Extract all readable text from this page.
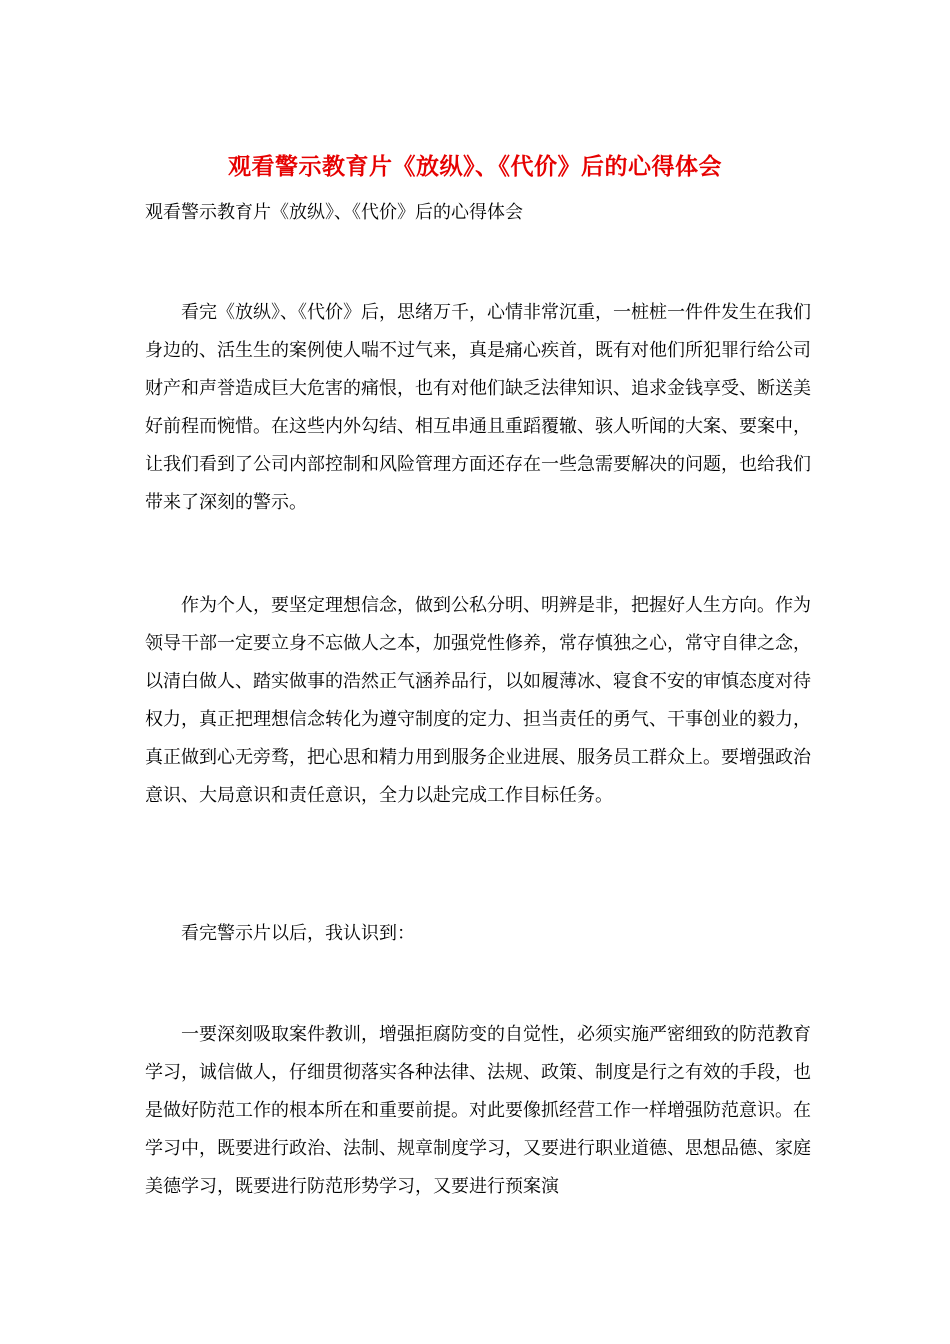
观看警示教育片《放纵》、《代价》后的心得体会
观看警示教育片《放纵》、《代价》后的心得体会

看完《放纵》、《代价》后，思绪万千，心情非常沉重，一桩桩一件件发生在我们身边的、活生生的案例使人喘不过气来，真是痛心疾首，既有对他们所犯罪行给公司财产和声誉造成巨大危害的痛恨，也有对他们缺乏法律知识、追求金钱享受、断送美好前程而惋惜。在这些内外勾结、相互串通且重蹈覆辙、骇人听闻的大案、要案中，让我们看到了公司内部控制和风险管理方面还存在一些急需要解决的问题，也给我们带来了深刻的警示。

作为个人，要坚定理想信念，做到公私分明、明辨是非，把握好人生方向。作为领导干部一定要立身不忘做人之本，加强党性修养，常存慎独之心，常守自律之念，以清白做人、踏实做事的浩然正气涵养品行，以如履薄冰、寝食不安的审慎态度对待权力，真正把理想信念转化为遵守制度的定力、担当责任的勇气、干事创业的毅力，真正做到心无旁骛，把心思和精力用到服务企业进展、服务员工群众上。要增强政治意识、大局意识和责任意识，全力以赴完成工作目标任务。

看完警示片以后，我认识到：

一要深刻吸取案件教训，增强拒腐防变的自觉性，必须实施严密细致的防范教育学习，诚信做人，仔细贯彻落实各种法律、法规、政策、制度是行之有效的手段，也是做好防范工作的根本所在和重要前提。对此要像抓经营工作一样增强防范意识。在学习中，既要进行政治、法制、规章制度学习，又要进行职业道德、思想品德、家庭美德学习，既要进行防范形势学习，又要进行预案演
